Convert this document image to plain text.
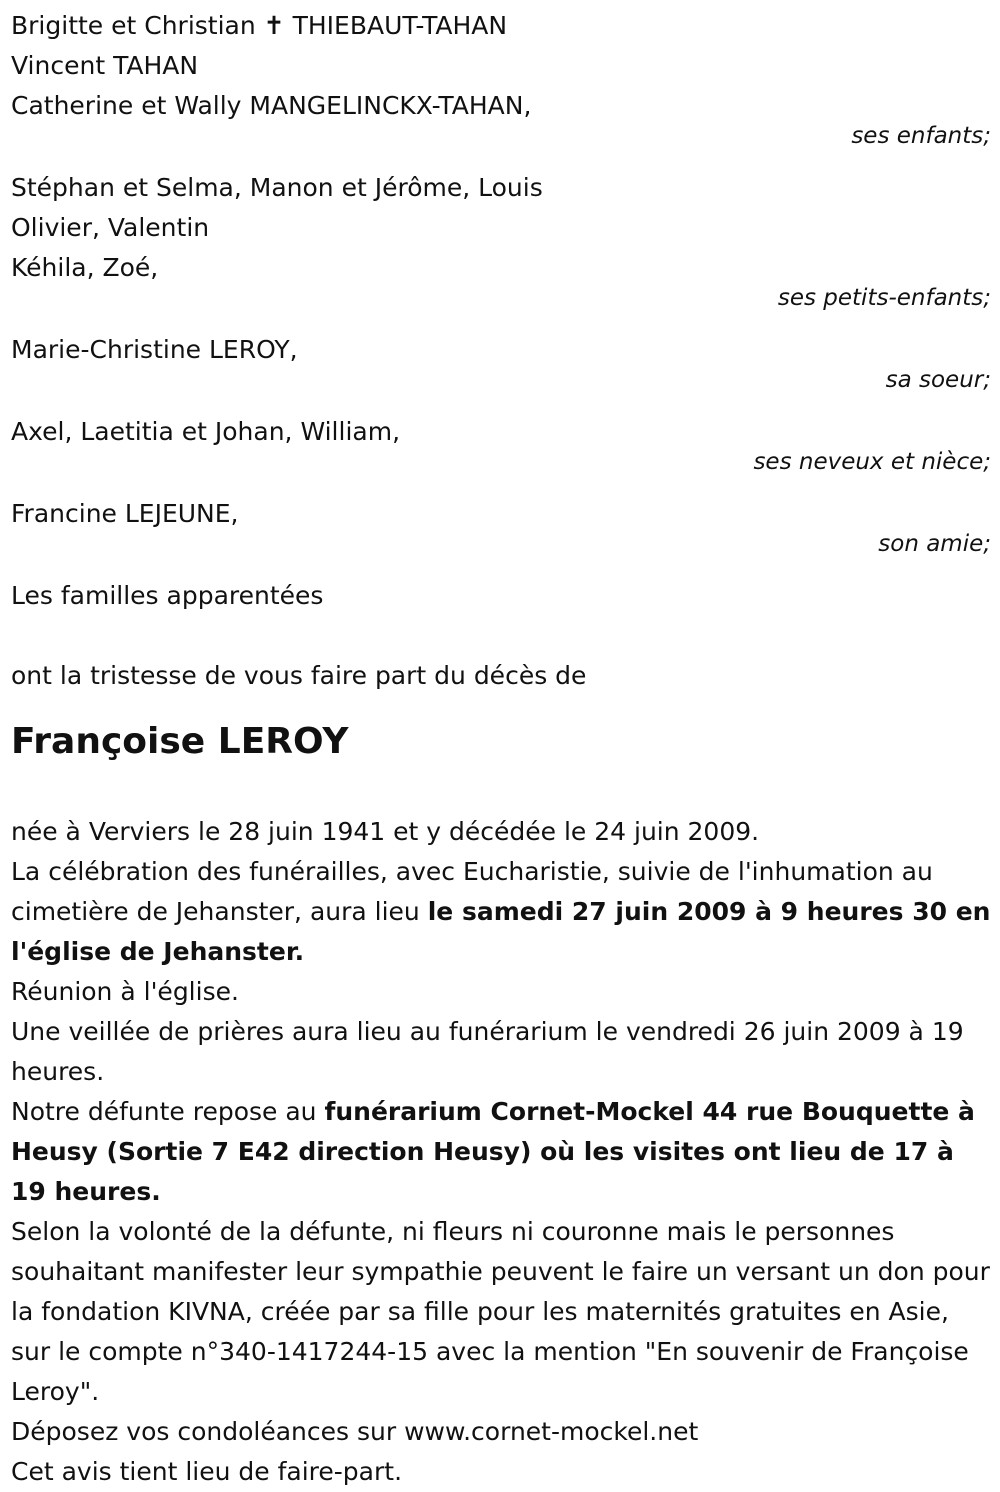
Brigitte et Christian ✝ THIEBAUT-TAHAN
Vincent TAHAN
Catherine et Wally MANGELINCKX-TAHAN,
ses enfants;
Stéphan et Selma, Manon et Jérôme, Louis
Olivier, Valentin
Kéhila, Zoé,
ses petits-enfants;
Marie-Christine LEROY,
sa soeur;
Axel, Laetitia et Johan, William,
ses neveux et nièce;
Francine LEJEUNE,
son amie;
Les familles apparentées
ont la tristesse de vous faire part du décès de
Françoise LEROY
née à Verviers le 28 juin 1941 et y décédée le 24 juin 2009.
La célébration des funérailles, avec Eucharistie, suivie de l'inhumation au cimetière de Jehanster, aura lieu le samedi 27 juin 2009 à 9 heures 30 en l'église de Jehanster.
Réunion à l'église.
Une veillée de prières aura lieu au funérarium le vendredi 26 juin 2009 à 19 heures.
Notre défunte repose au funérarium Cornet-Mockel 44 rue Bouquette à Heusy (Sortie 7 E42 direction Heusy) où les visites ont lieu de 17 à 19 heures.
Selon la volonté de la défunte, ni fleurs ni couronne mais le personnes souhaitant manifester leur sympathie peuvent le faire un versant un don pour la fondation KIVNA, créée par sa fille pour les maternités gratuites en Asie, sur le compte n°340-1417244-15 avec la mention "En souvenir de Françoise Leroy".
Déposez vos condoléances sur www.cornet-mockel.net
Cet avis tient lieu de faire-part.
